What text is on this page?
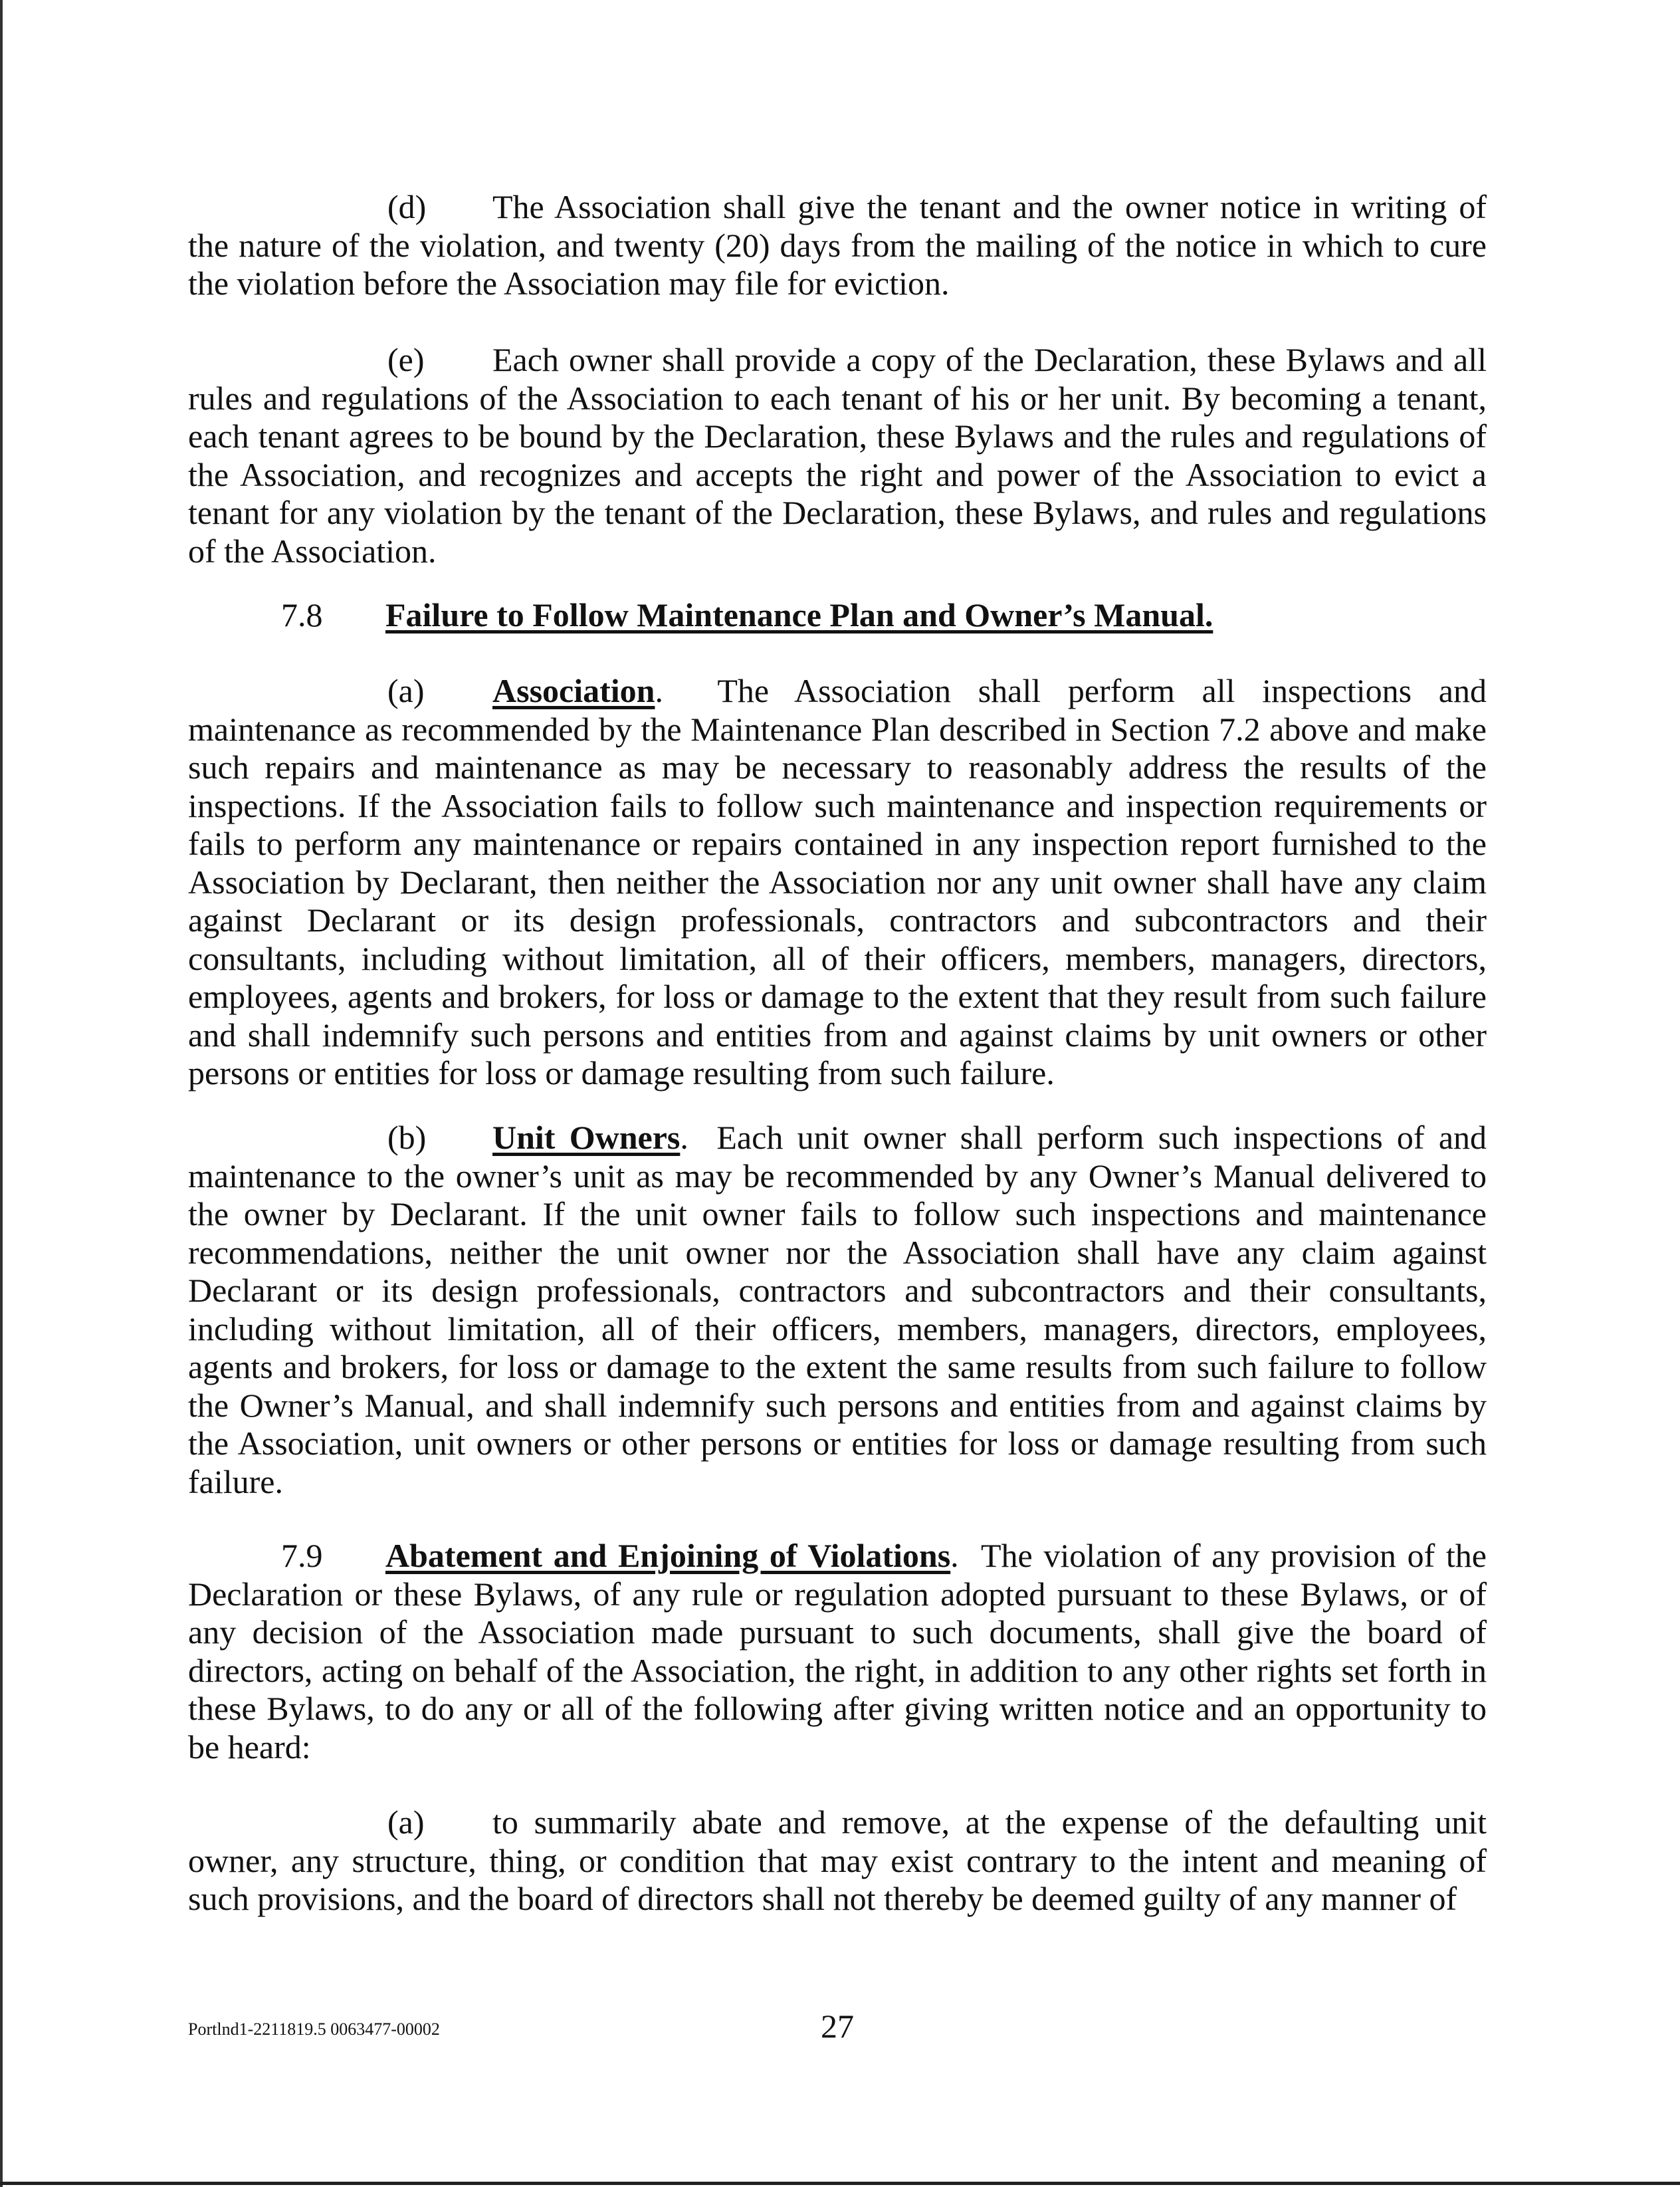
(d) The Association shall give the tenant and the owner notice in writing of the nature of the violation, and twenty (20) days from the mailing of the notice in which to cure the violation before the Association may file for eviction.

(e) Each owner shall provide a copy of the Declaration, these Bylaws and all rules and regulations of the Association to each tenant of his or her unit. By becoming a tenant, each tenant agrees to be bound by the Declaration, these Bylaws and the rules and regulations of the Association, and recognizes and accepts the right and power of the Association to evict a tenant for any violation by the tenant of the Declaration, these Bylaws, and rules and regulations of the Association.

7.8 Failure to Follow Maintenance Plan and Owner’s Manual.

(a) Association. The Association shall perform all inspections and maintenance as recommended by the Maintenance Plan described in Section 7.2 above and make such repairs and maintenance as may be necessary to reasonably address the results of the inspections. If the Association fails to follow such maintenance and inspection requirements or fails to perform any maintenance or repairs contained in any inspection report furnished to the Association by Declarant, then neither the Association nor any unit owner shall have any claim against Declarant or its design professionals, contractors and subcontractors and their consultants, including without limitation, all of their officers, members, managers, directors, employees, agents and brokers, for loss or damage to the extent that they result from such failure and shall indemnify such persons and entities from and against claims by unit owners or other persons or entities for loss or damage resulting from such failure.

(b) Unit Owners. Each unit owner shall perform such inspections of and maintenance to the owner’s unit as may be recommended by any Owner’s Manual delivered to the owner by Declarant. If the unit owner fails to follow such inspections and maintenance recommendations, neither the unit owner nor the Association shall have any claim against Declarant or its design professionals, contractors and subcontractors and their consultants, including without limitation, all of their officers, members, managers, directors, employees, agents and brokers, for loss or damage to the extent the same results from such failure to follow the Owner’s Manual, and shall indemnify such persons and entities from and against claims by the Association, unit owners or other persons or entities for loss or damage resulting from such failure.

7.9 Abatement and Enjoining of Violations. The violation of any provision of the Declaration or these Bylaws, of any rule or regulation adopted pursuant to these Bylaws, or of any decision of the Association made pursuant to such documents, shall give the board of directors, acting on behalf of the Association, the right, in addition to any other rights set forth in these Bylaws, to do any or all of the following after giving written notice and an opportunity to be heard:

(a) to summarily abate and remove, at the expense of the defaulting unit owner, any structure, thing, or condition that may exist contrary to the intent and meaning of such provisions, and the board of directors shall not thereby be deemed guilty of any manner of

Portlnd1-2211819.5 0063477-00002	27
